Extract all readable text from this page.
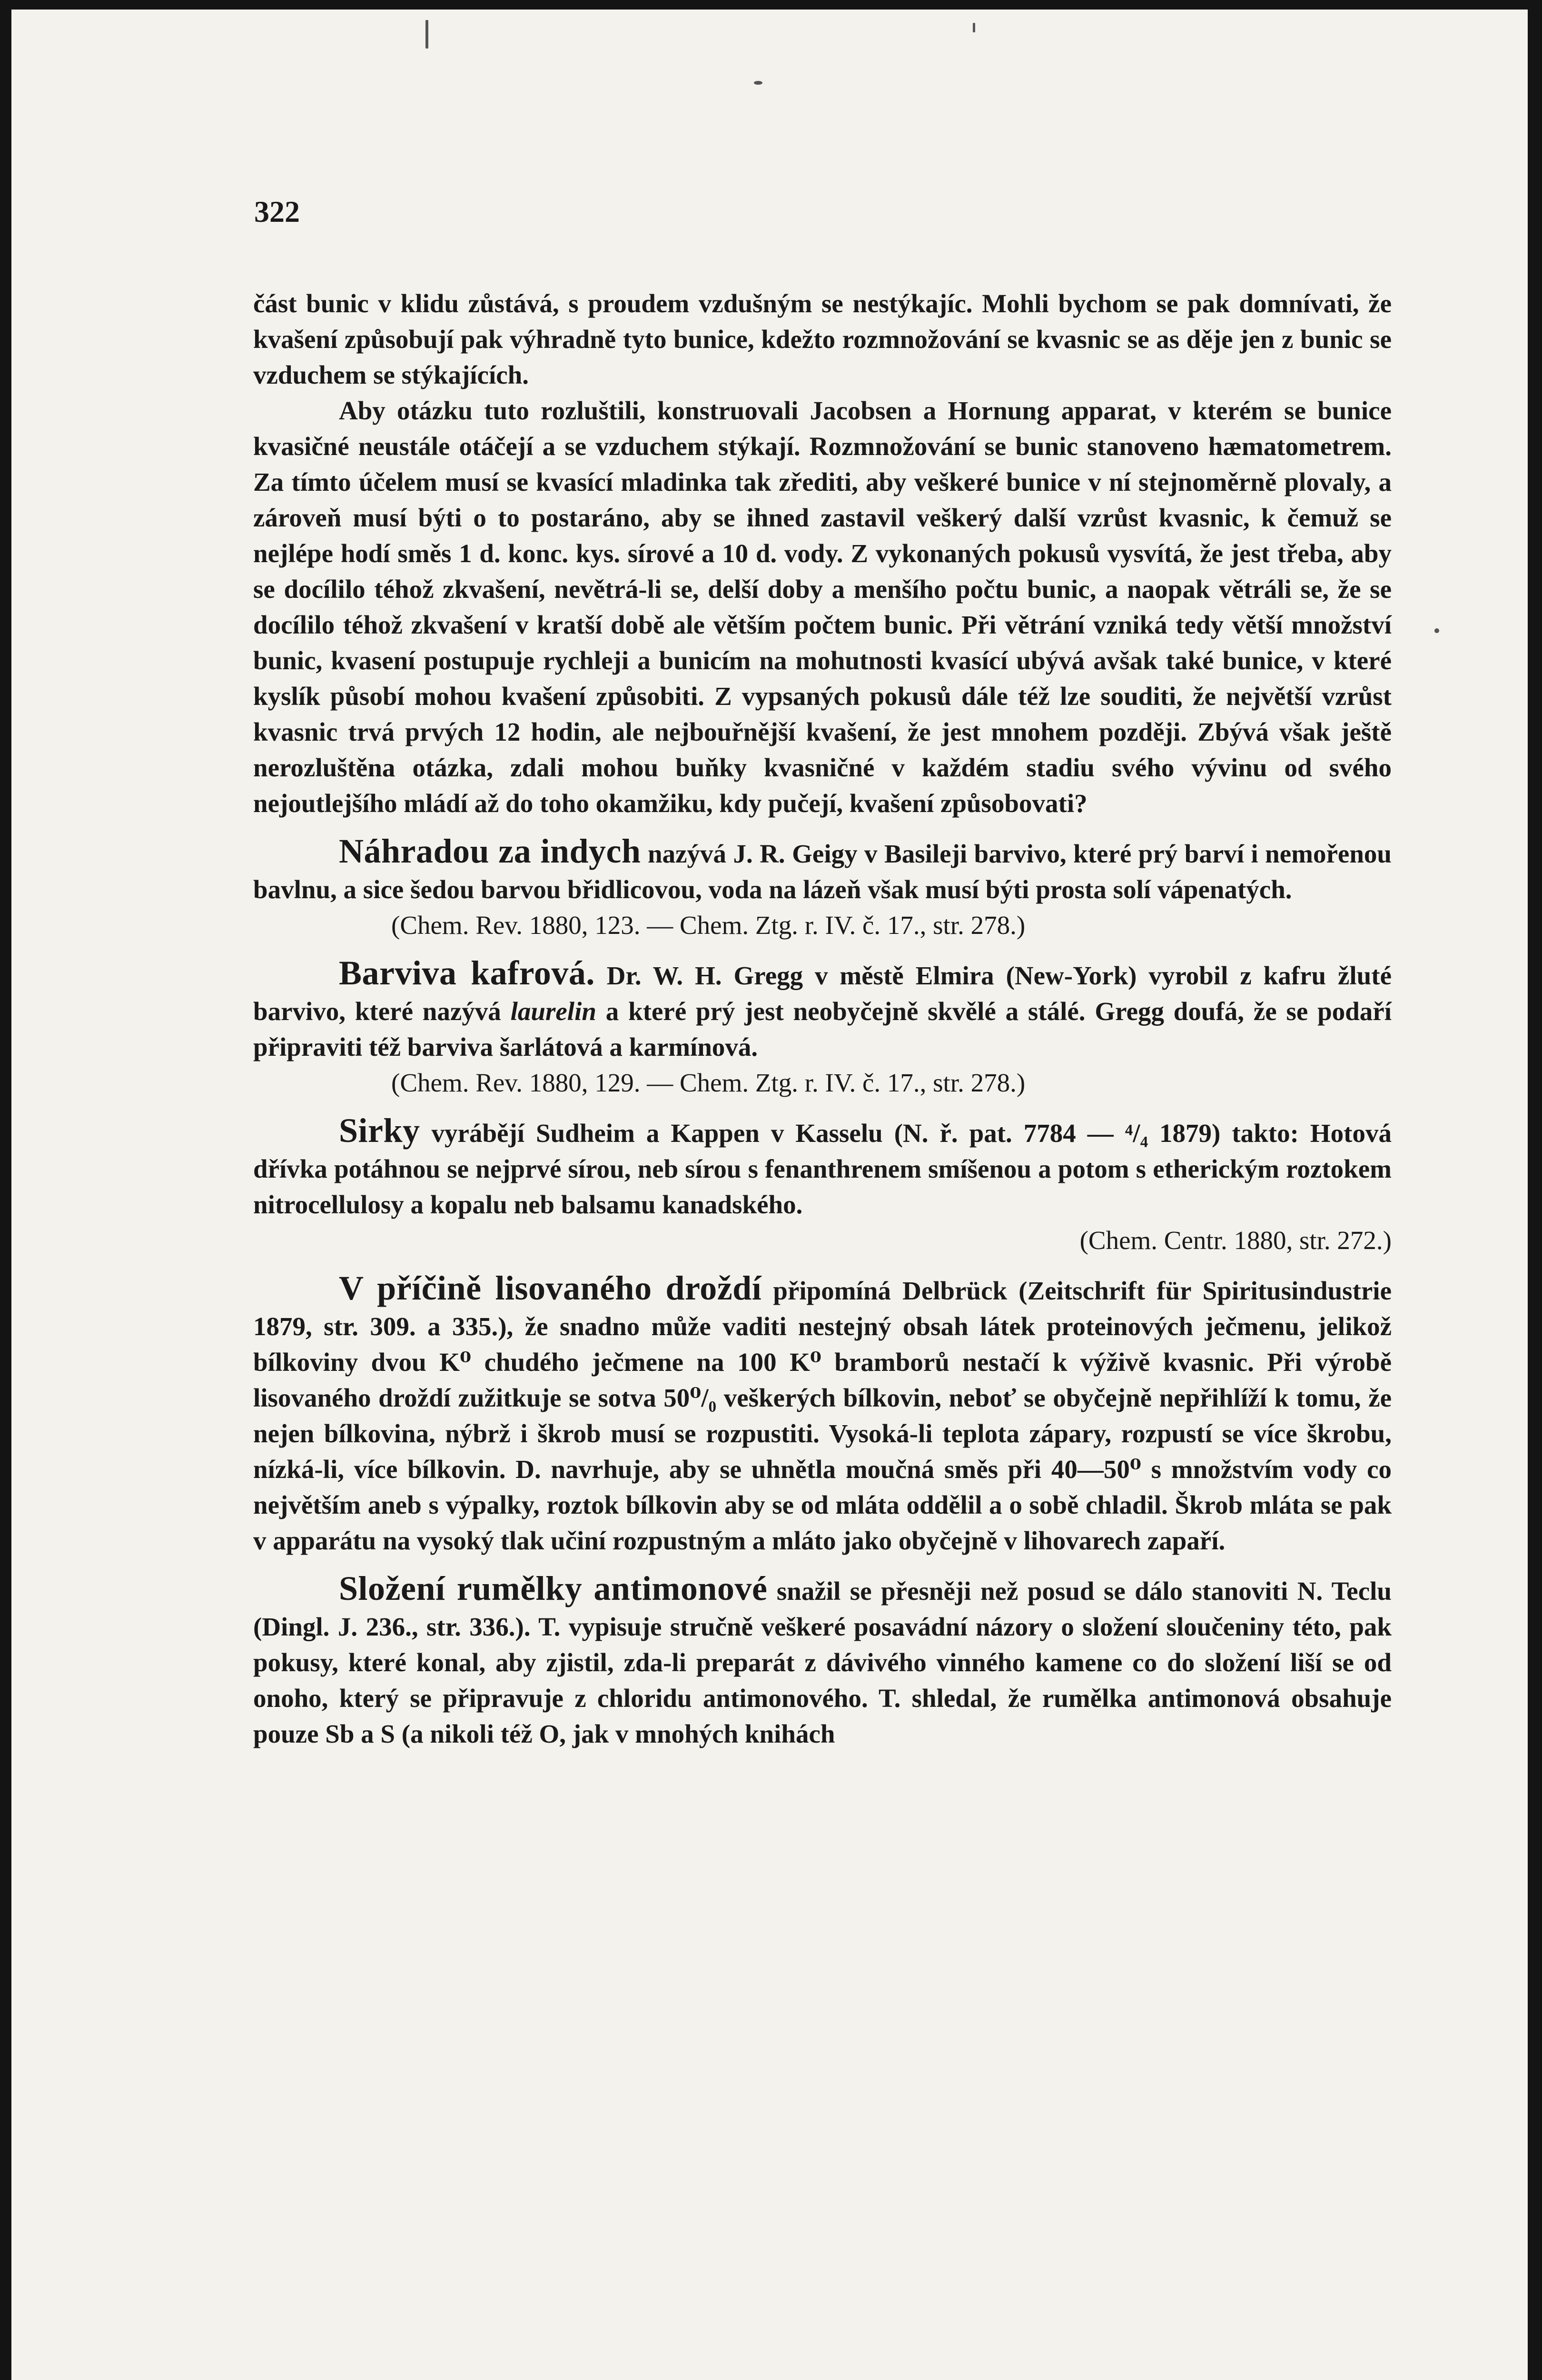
322

část bunic v klidu zůstává, s proudem vzdušným se nestýkajíc. Mohli bychom se pak domnívati, že kvašení způsobují pak výhradně tyto bunice, kdežto rozmnožování se kvasnic se as děje jen z bunic se vzduchem se stýkajících.

Aby otázku tuto rozluštili, konstruovali Jacobsen a Hornung apparat, v kterém se bunice kvasičné neustále otáčejí a se vzduchem stýkají. Rozmnožování se bunic stanoveno hæmatometrem. Za tímto účelem musí se kvasící mladinka tak zřediti, aby veškeré bunice v ní stejnoměrně plovaly, a zároveň musí býti o to postaráno, aby se ihned zastavil veškerý další vzrůst kvasnic, k čemuž se nejlépe hodí směs 1 d. konc. kys. sírové a 10 d. vody. Z vykonaných pokusů vysvítá, že jest třeba, aby se docílilo téhož zkvašení, nevětrá-li se, delší doby a menšího počtu bunic, a naopak větráli se, že se docílilo téhož zkvašení v kratší době ale větším počtem bunic. Při větrání vzniká tedy větší množství bunic, kvasení postupuje rychleji a bunicím na mohutnosti kvasící ubývá avšak také bunice, v které kyslík působí mohou kvašení způsobiti. Z vypsaných pokusů dále též lze souditi, že největší vzrůst kvasnic trvá prvých 12 hodin, ale nejbouřnější kvašení, že jest mnohem později. Zbývá však ještě nerozluštěna otázka, zdali mohou buňky kvasničné v každém stadiu svého vývinu od svého nejoutlejšího mládí až do toho okamžiku, kdy pučejí, kvašení způsobovati?

Náhradou za indych nazývá J. R. Geigy v Basileji barvivo, které prý barví i nemořenou bavlnu, a sice šedou barvou břidlicovou, voda na lázeň však musí býti prosta solí vápenatých.

(Chem. Rev. 1880, 123. — Chem. Ztg. r. IV. č. 17., str. 278.)

Barviva kafrová. Dr. W. H. Gregg v městě Elmira (New-York) vyrobil z kafru žluté barvivo, které nazývá laurelin a které prý jest neobyčejně skvělé a stálé. Gregg doufá, že se podaří připraviti též barviva šarlátová a karmínová.

(Chem. Rev. 1880, 129. — Chem. Ztg. r. IV. č. 17., str. 278.)

Sirky vyrábějí Sudheim a Kappen v Kasselu (N. ř. pat. 7784 — ⁴/₄ 1879) takto: Hotová dřívka potáhnou se nejprvé sírou, neb sírou s fenanthrenem smíšenou a potom s etherickým roztokem nitrocellulosy a kopalu neb balsamu kanadského.

(Chem. Centr. 1880, str. 272.)

V příčině lisovaného droždí připomíná Delbrück (Zeitschrift für Spiritusindustrie 1879, str. 309. a 335.), že snadno může vaditi nestejný obsah látek proteinových ječmenu, jelikož bílkoviny dvou K⁰ chudého ječmene na 100 K⁰ bramborů nestačí k výživě kvasnic. Při výrobě lisovaného droždí zužitkuje se sotva 50⁰/₀ veškerých bílkovin, neboť se obyčejně nepřihlíží k tomu, že nejen bílkovina, nýbrž i škrob musí se rozpustiti. Vysoká-li teplota zápary, rozpustí se více škrobu, nízká-li, více bílkovin. D. navrhuje, aby se uhnětla moučná směs při 40—50⁰ s množstvím vody co největším aneb s výpalky, roztok bílkovin aby se od mláta oddělil a o sobě chladil. Škrob mláta se pak v apparátu na vysoký tlak učiní rozpustným a mláto jako obyčejně v lihovarech zapaří.

Složení rumělky antimonové snažil se přesněji než posud se dálo stanoviti N. Teclu (Dingl. J. 236., str. 336.). T. vypisuje stručně veškeré posavádní názory o složení sloučeniny této, pak pokusy, které konal, aby zjistil, zda-li preparát z dávivého vinného kamene co do složení liší se od onoho, který se připravuje z chloridu antimonového. T. shledal, že rumělka antimonová obsahuje pouze Sb a S (a nikoli též O, jak v mnohých knihách
